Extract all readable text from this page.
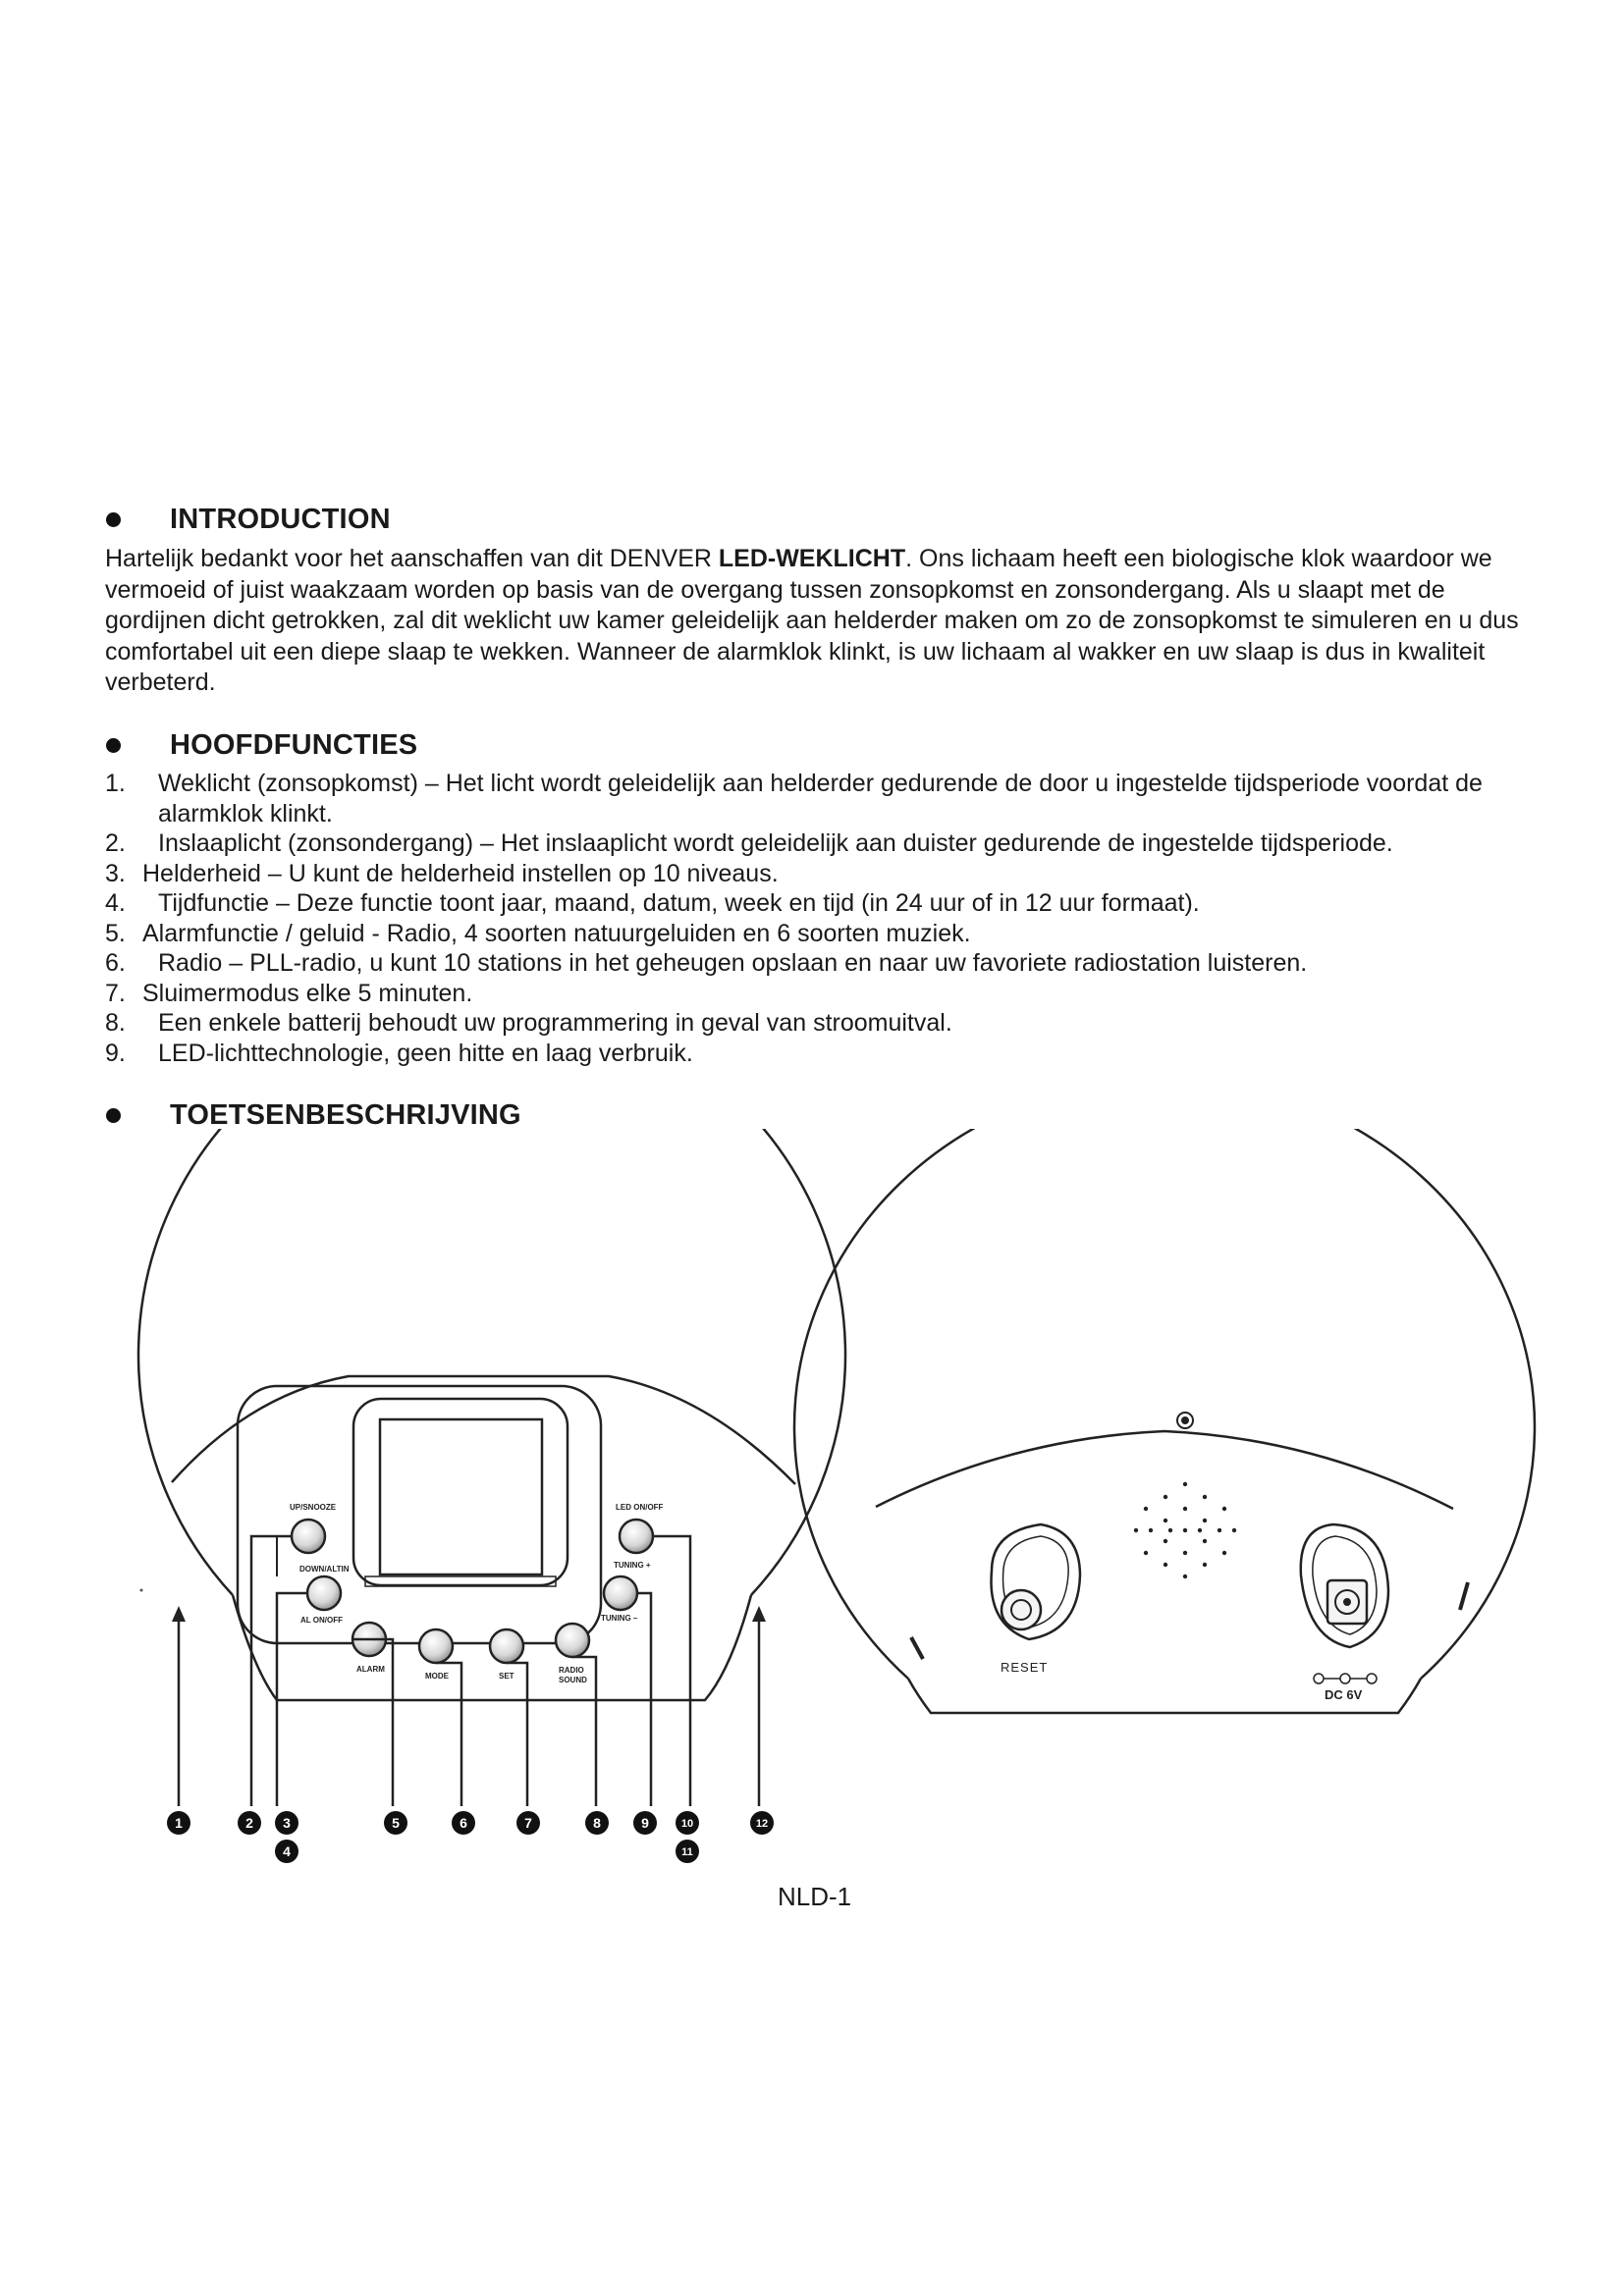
INTRODUCTION
Hartelijk bedankt voor het aanschaffen van dit DENVER LED-WEKLICHT. Ons lichaam heeft een biologische klok waardoor we vermoeid of juist waakzaam worden op basis van de overgang tussen zonsopkomst en zonsondergang. Als u slaapt met de gordijnen dicht getrokken, zal dit weklicht uw kamer geleidelijk aan helderder maken om zo de zonsopkomst te simuleren en u dus comfortabel uit een diepe slaap te wekken. Wanneer de alarmklok klinkt, is uw lichaam al wakker en uw slaap is dus in kwaliteit verbeterd.
HOOFDFUNCTIES
1.	Weklicht (zonsopkomst) – Het licht wordt geleidelijk aan helderder gedurende de door u ingestelde tijdsperiode voordat de alarmklok klinkt.
2.	Inslaaplicht (zonsondergang) – Het inslaaplicht wordt geleidelijk aan duister gedurende de ingestelde tijdsperiode.
3. Helderheid – U kunt de helderheid instellen op 10 niveaus.
4.	Tijdfunctie – Deze functie toont jaar, maand, datum, week en tijd (in 24 uur of in 12 uur formaat).
5. Alarmfunctie / geluid - Radio, 4 soorten natuurgeluiden en 6 soorten muziek.
6.	Radio – PLL-radio, u kunt 10 stations in het geheugen opslaan en naar uw favoriete radiostation luisteren.
7. Sluimermodus elke 5 minuten.
8.	Een enkele batterij behoudt uw programmering in geval van stroomuitval.
9.	LED-lichttechnologie, geen hitte en laag verbruik.
TOETSENBESCHRIJVING
UP/SNOOZE
DOWN/ALTIN
AL ON/OFF
ALARM
MODE	SET
RADIO
SOUND
LED ON/OFF
TUNING +
TUNING –
1	2 3
4
5	6	7	8	9	10
11
12
RESET
DC 6V
NLD-1
